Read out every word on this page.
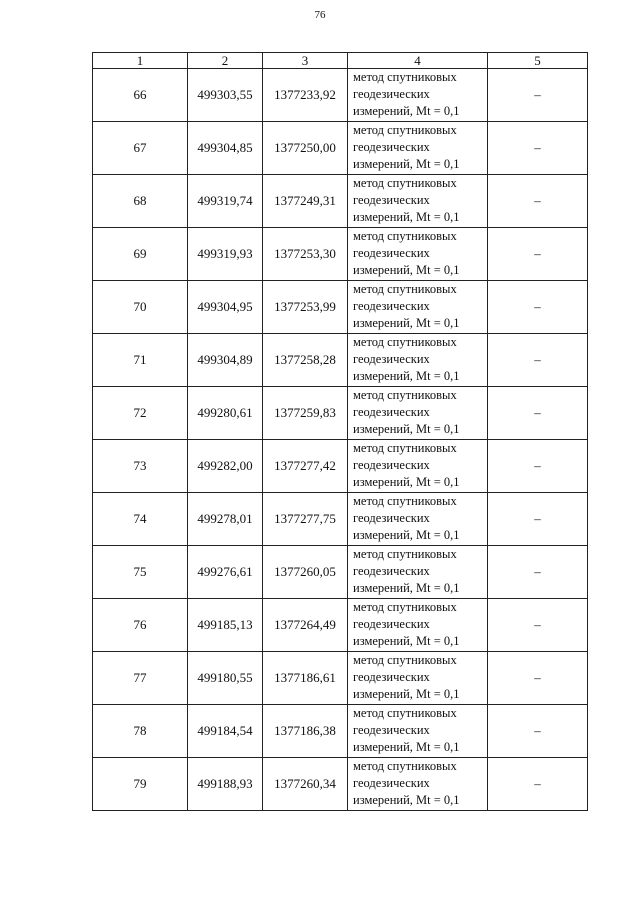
76
1	2	3	4	5
66	499303,55	1377233,92	метод спутниковых
геодезических
измерений, Mt = 0,1	–
67	499304,85	1377250,00	метод спутниковых
геодезических
измерений, Mt = 0,1	–
68	499319,74	1377249,31	метод спутниковых
геодезических
измерений, Mt = 0,1	–
69	499319,93	1377253,30	метод спутниковых
геодезических
измерений, Mt = 0,1	–
70	499304,95	1377253,99	метод спутниковых
геодезических
измерений, Mt = 0,1	–
71	499304,89	1377258,28	метод спутниковых
геодезических
измерений, Mt = 0,1	–
72	499280,61	1377259,83	метод спутниковых
геодезических
измерений, Mt = 0,1	–
73	499282,00	1377277,42	метод спутниковых
геодезических
измерений, Mt = 0,1	–
74	499278,01	1377277,75	метод спутниковых
геодезических
измерений, Mt = 0,1	–
75	499276,61	1377260,05	метод спутниковых
геодезических
измерений, Mt = 0,1	–
76	499185,13	1377264,49	метод спутниковых
геодезических
измерений, Mt = 0,1	–
77	499180,55	1377186,61	метод спутниковых
геодезических
измерений, Mt = 0,1	–
78	499184,54	1377186,38	метод спутниковых
геодезических
измерений, Mt = 0,1	–
79	499188,93	1377260,34	метод спутниковых
геодезических
измерений, Mt = 0,1	–
